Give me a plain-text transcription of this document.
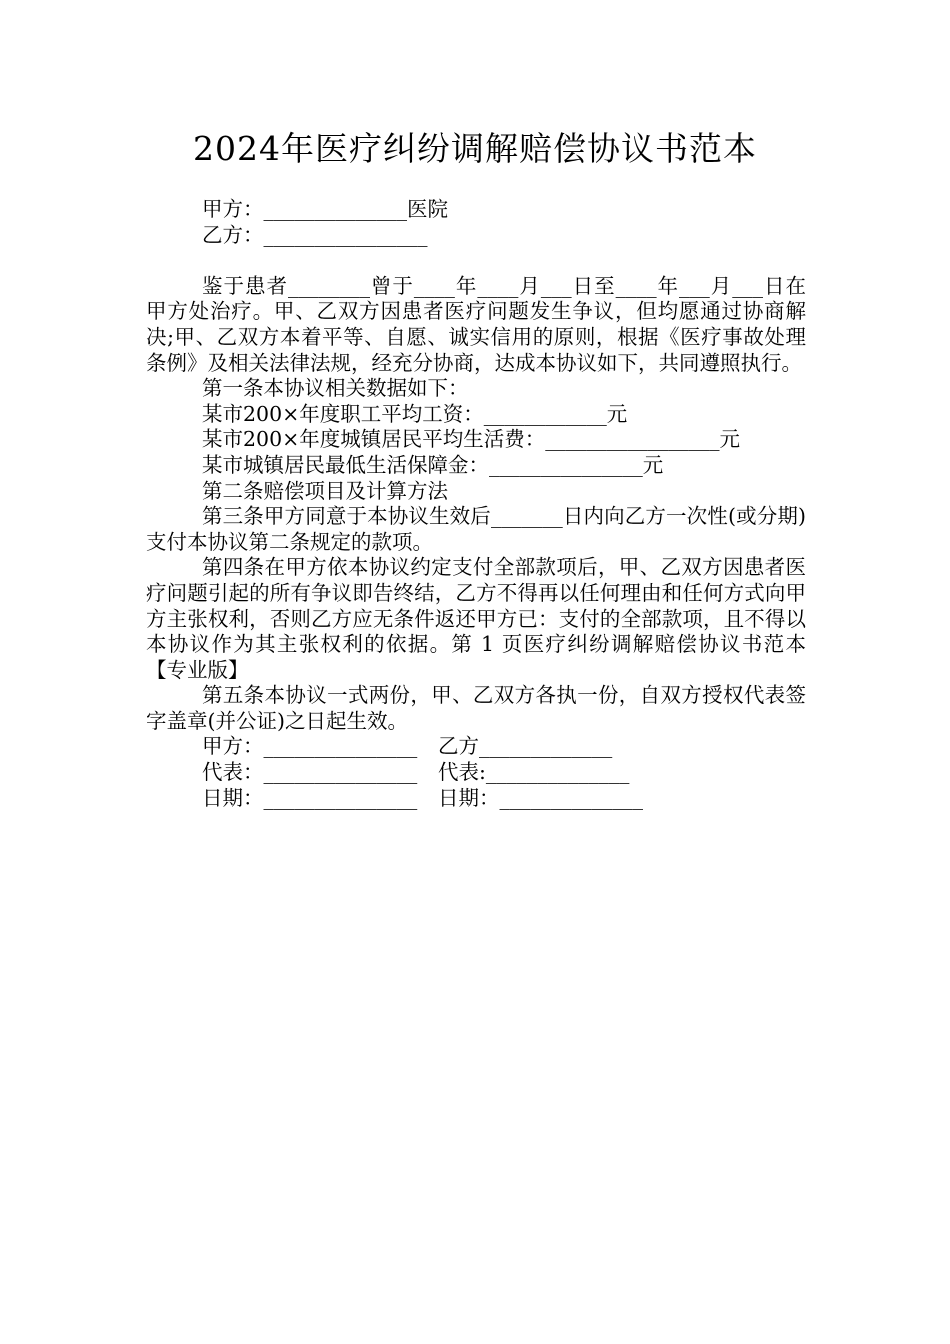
2024年医疗纠纷调解赔偿协议书范本

甲方：______________医院

乙方：________________

鉴于患者________曾于____年____月___日至____年___月___日在甲方处治疗。甲、乙双方因患者医疗问题发生争议，但均愿通过协商解决;甲、乙双方本着平等、自愿、诚实信用的原则，根据《医疗事故处理条例》及相关法律法规，经充分协商，达成本协议如下，共同遵照执行。

第一条本协议相关数据如下：

某市200×年度职工平均工资：____________元

某市200×年度城镇居民平均生活费：_________________元

某市城镇居民最低生活保障金：_______________元

第二条赔偿项目及计算方法

第三条甲方同意于本协议生效后_______日内向乙方一次性(或分期)支付本协议第二条规定的款项。

第四条在甲方依本协议约定支付全部款项后，甲、乙双方因患者医疗问题引起的所有争议即告终结，乙方不得再以任何理由和任何方式向甲方主张权利，否则乙方应无条件返还甲方已：支付的全部款项，且不得以本协议作为其主张权利的依据。第 1 页医疗纠纷调解赔偿协议书范本【专业版】

第五条本协议一式两份，甲、乙双方各执一份，自双方授权代表签字盖章(并公证)之日起生效。

甲方：_______________ 乙方_____________

代表：_______________ 代表:______________

日期：_______________ 日期：______________
